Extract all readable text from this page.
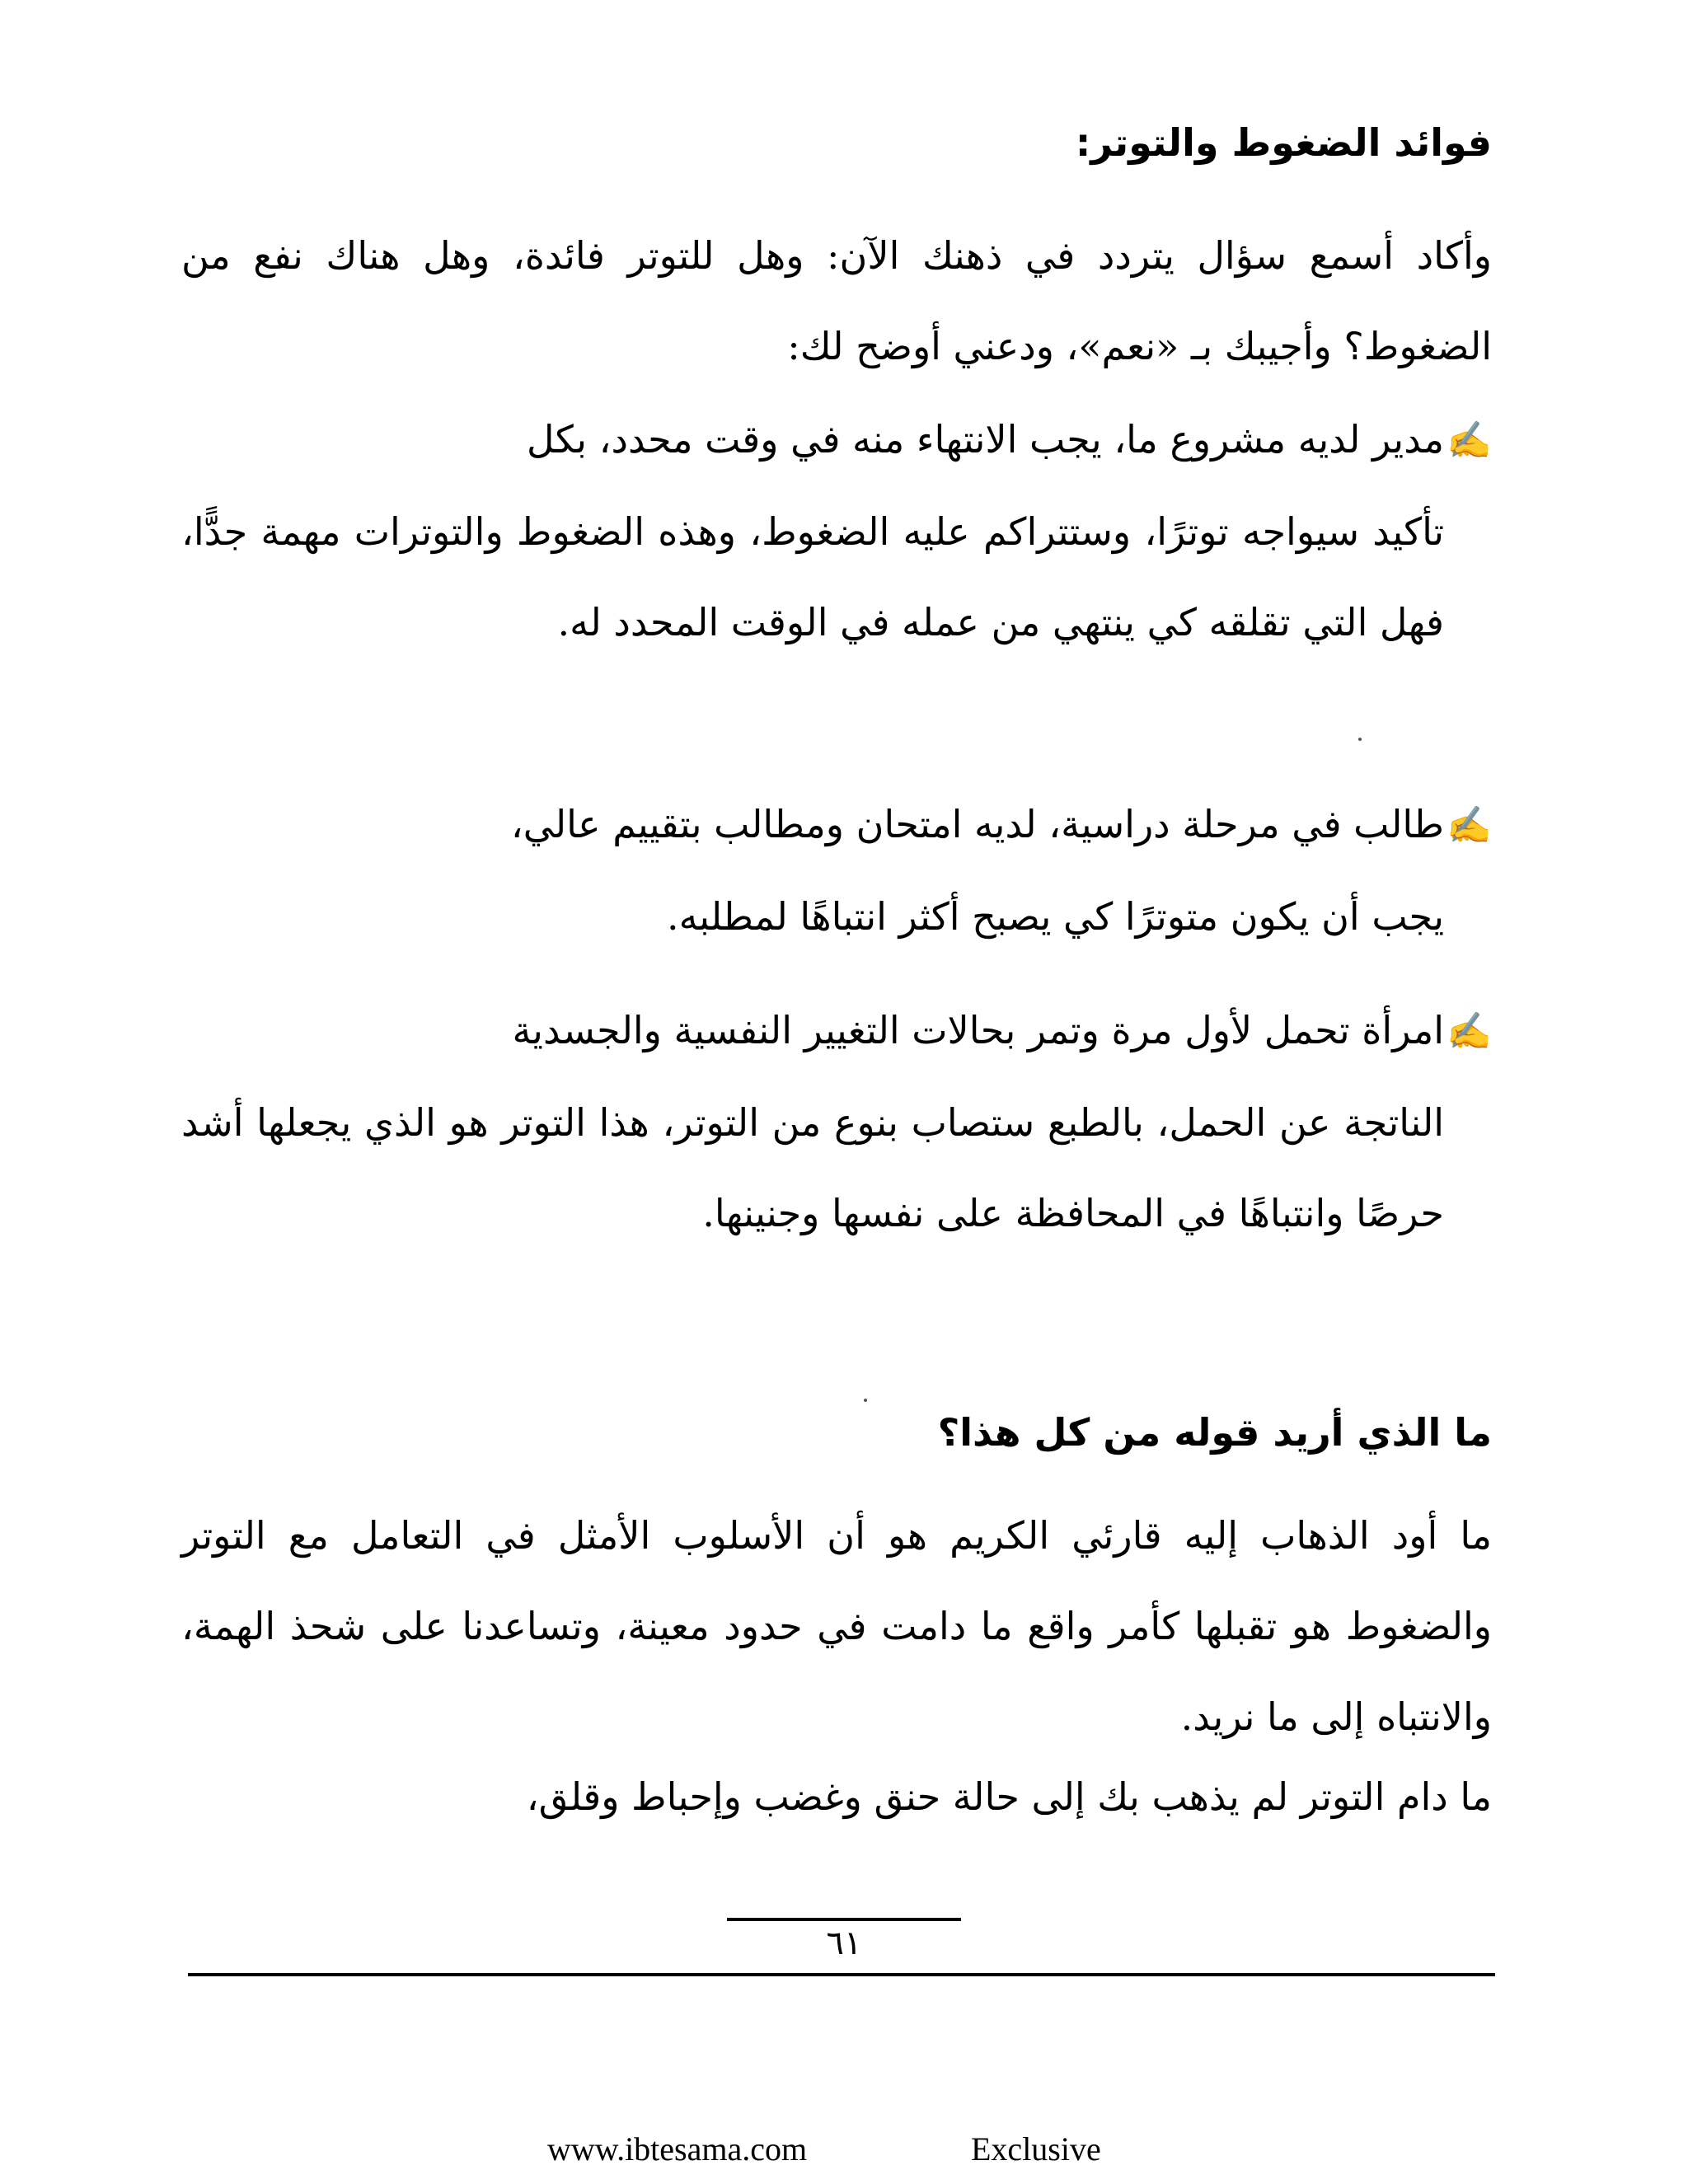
فوائد الضغوط والتوتر:
وأكاد أسمع سؤال يتردد في ذهنك الآن: وهل للتوتر فائدة، وهل هناك نفع من الضغوط؟ وأجيبك بـ «نعم»، ودعني أوضح لك:
✍مدير لديه مشروع ما، يجب الانتهاء منه في وقت محدد، بكل
تأكيد سيواجه توترًا، وستتراكم عليه الضغوط، وهذه الضغوط والتوترات مهمة جدًّا، فهل التي تقلقه كي ينتهي من عمله في الوقت المحدد له.
✍طالب في مرحلة دراسية، لديه امتحان ومطالب بتقييم عالي،
يجب أن يكون متوترًا كي يصبح أكثر انتباهًا لمطلبه.
✍امرأة تحمل لأول مرة وتمر بحالات التغيير النفسية والجسدية
الناتجة عن الحمل، بالطبع ستصاب بنوع من التوتر، هذا التوتر هو الذي يجعلها أشد حرصًا وانتباهًا في المحافظة على نفسها وجنينها.
ما الذي أريد قوله من كل هذا؟
ما أود الذهاب إليه قارئي الكريم هو أن الأسلوب الأمثل في التعامل مع التوتر والضغوط هو تقبلها كأمر واقع ما دامت في حدود معينة، وتساعدنا على شحذ الهمة، والانتباه إلى ما نريد.
ما دام التوتر لم يذهب بك إلى حالة حنق وغضب وإحباط وقلق،
٦١
www.ibtesama.com	Exclusive
